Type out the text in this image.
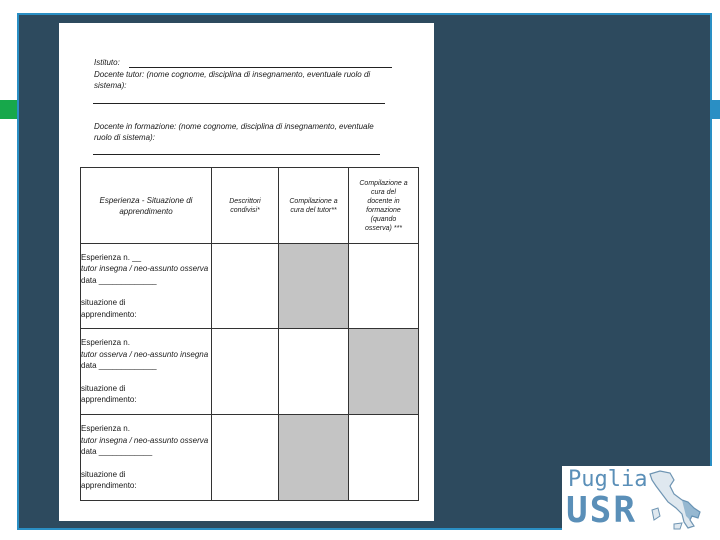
Istituto:
Docente tutor: (nome cognome, disciplina di insegnamento, eventuale ruolo di
sistema):
Docente in formazione: (nome cognome, disciplina di insegnamento, eventuale
ruolo di sistema):
Esperienza - Situazione di apprendimento	Descrittori condivisi*	Compilazione a cura del tutor**	Compilazione a cura del docente in formazione (quando osserva) ***

Esperienza n. __
tutor insegna / neo-assunto osserva
data _____________
situazione di
apprendimento:			

Esperienza n.
tutor osserva / neo-assunto insegna
data _____________
situazione di
apprendimento:			

Esperienza n.
tutor insegna / neo-assunto osserva
data ____________
situazione di
apprendimento:			
				Puglia
USR
